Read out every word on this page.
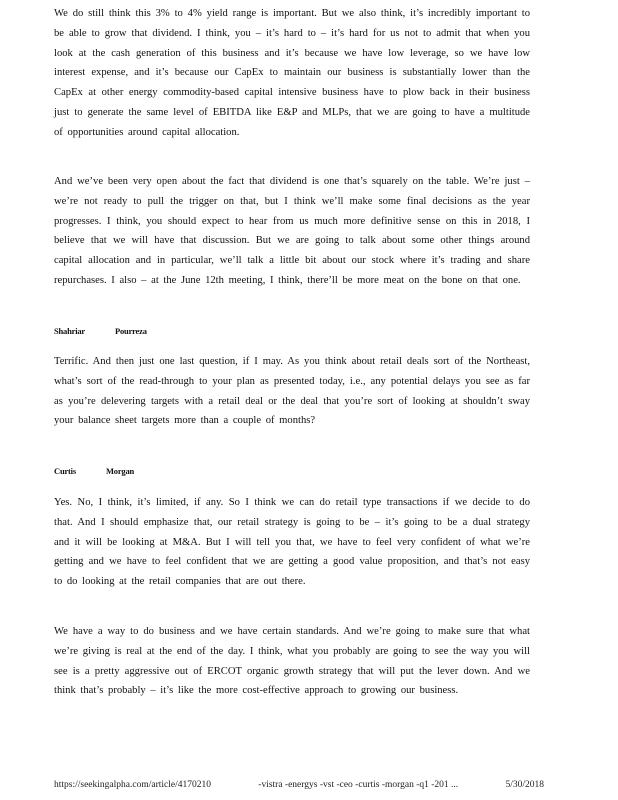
We do still think this 3% to 4% yield range is important. But we also think, it’s incredibly important to be able to grow that dividend. I think, you – it’s hard to – it’s hard for us not to admit that when you look at the cash generation of this business and it’s because we have low leverage, so we have low interest expense, and it’s because our CapEx to maintain our business is substantially lower than the CapEx at other energy commodity-based capital intensive business have to plow back in their business just to generate the same level of EBITDA like E&P and MLPs, that we are going to have a multitude of opportunities around capital allocation.

And we’ve been very open about the fact that dividend is one that’s squarely on the table. We’re just – we’re not ready to pull the trigger on that, but I think we’ll make some final decisions as the year progresses. I think, you should expect to hear from us much more definitive sense on this in 2018, I believe that we will have that discussion. But we are going to talk about some other things around capital allocation and in particular, we’ll talk a little bit about our stock where it’s trading and share repurchases. I also – at the June 12th meeting, I think, there’ll be more meat on the bone on that one.

Shahriar	Pourreza

Terrific. And then just one last question, if I may. As you think about retail deals sort of the Northeast, what’s sort of the read-through to your plan as presented today, i.e., any potential delays you see as far as you’re delevering targets with a retail deal or the deal that you’re sort of looking at shouldn’t sway your balance sheet targets more than a couple of months?

Curtis	Morgan

Yes. No, I think, it’s limited, if any. So I think we can do retail type transactions if we decide to do that. And I should emphasize that, our retail strategy is going to be – it’s going to be a dual strategy and it will be looking at M&A. But I will tell you that, we have to feel very confident of what we’re getting and we have to feel confident that we are getting a good value proposition, and that’s not easy to do looking at the retail companies that are out there.

We have a way to do business and we have certain standards. And we’re going to make sure that what we’re giving is real at the end of the day. I think, what you probably are going to see the way you will see is a pretty aggressive out of ERCOT organic growth strategy that will put the lever down. And we think that’s probably – it’s like the more cost-effective approach to growing our business.

https://seekingalpha.com/article/4170210	-vistra -energys -vst -ceo -curtis -morgan -q1 -201 ...	5/30/2018
